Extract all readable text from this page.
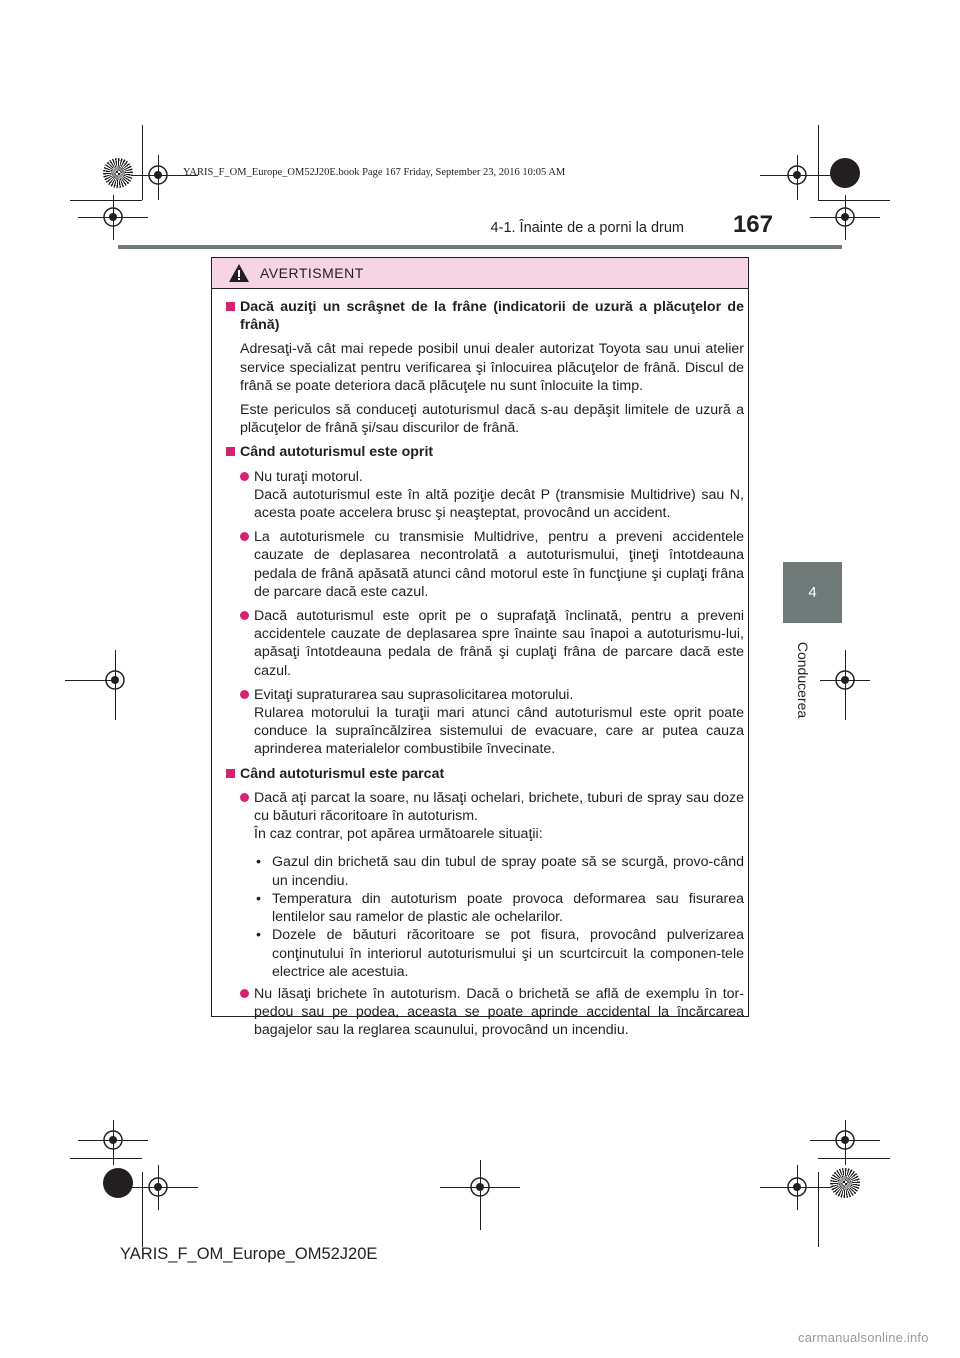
YARIS_F_OM_Europe_OM52J20E.book Page 167 Friday, September 23, 2016 10:05 AM
4-1. Înainte de a porni la drum	167
4
Conducerea
AVERTISMENT
Dacă auziţi un scrâşnet de la frâne (indicatorii de uzură a plăcuţelor de frână)
Adresaţi-vă cât mai repede posibil unui dealer autorizat Toyota sau unui atelier service specializat pentru verificarea şi înlocuirea plăcuţelor de frână. Discul de frână se poate deteriora dacă plăcuţele nu sunt înlocuite la timp.
Este periculos să conduceţi autoturismul dacă s-au depăşit limitele de uzură a plăcuţelor de frână şi/sau discurilor de frână.
Când autoturismul este oprit
Nu turaţi motorul.
Dacă autoturismul este în altă poziţie decât P (transmisie Multidrive) sau N, acesta poate accelera brusc şi neaşteptat, provocând un accident.
La autoturismele cu transmisie Multidrive, pentru a preveni accidentele cauzate de deplasarea necontrolată a autoturismului, ţineţi întotdeauna pedala de frână apăsată atunci când motorul este în funcţiune şi cuplaţi frâna de parcare dacă este cazul.
Dacă autoturismul este oprit pe o suprafaţă înclinată, pentru a preveni accidentele cauzate de deplasarea spre înainte sau înapoi a autoturismu-lui, apăsaţi întotdeauna pedala de frână şi cuplaţi frâna de parcare dacă este cazul.
Evitaţi supraturarea sau suprasolicitarea motorului.
Rularea motorului la turaţii mari atunci când autoturismul este oprit poate conduce la supraîncălzirea sistemului de evacuare, care ar putea cauza aprinderea materialelor combustibile învecinate.
Când autoturismul este parcat
Dacă aţi parcat la soare, nu lăsaţi ochelari, brichete, tuburi de spray sau doze cu băuturi răcoritoare în autoturism.
În caz contrar, pot apărea următoarele situaţii:
• Gazul din brichetă sau din tubul de spray poate să se scurgă, provo-când un incendiu.
• Temperatura din autoturism poate provoca deformarea sau fisurarea lentilelor sau ramelor de plastic ale ochelarilor.
• Dozele de băuturi răcoritoare se pot fisura, provocând pulverizarea conţinutului în interiorul autoturismului şi un scurtcircuit la componen-tele electrice ale acestuia.
Nu lăsaţi brichete în autoturism. Dacă o brichetă se află de exemplu în tor-pedou sau pe podea, aceasta se poate aprinde accidental la încărcarea bagajelor sau la reglarea scaunului, provocând un incendiu.
YARIS_F_OM_Europe_OM52J20E
carmanualsonline.info
